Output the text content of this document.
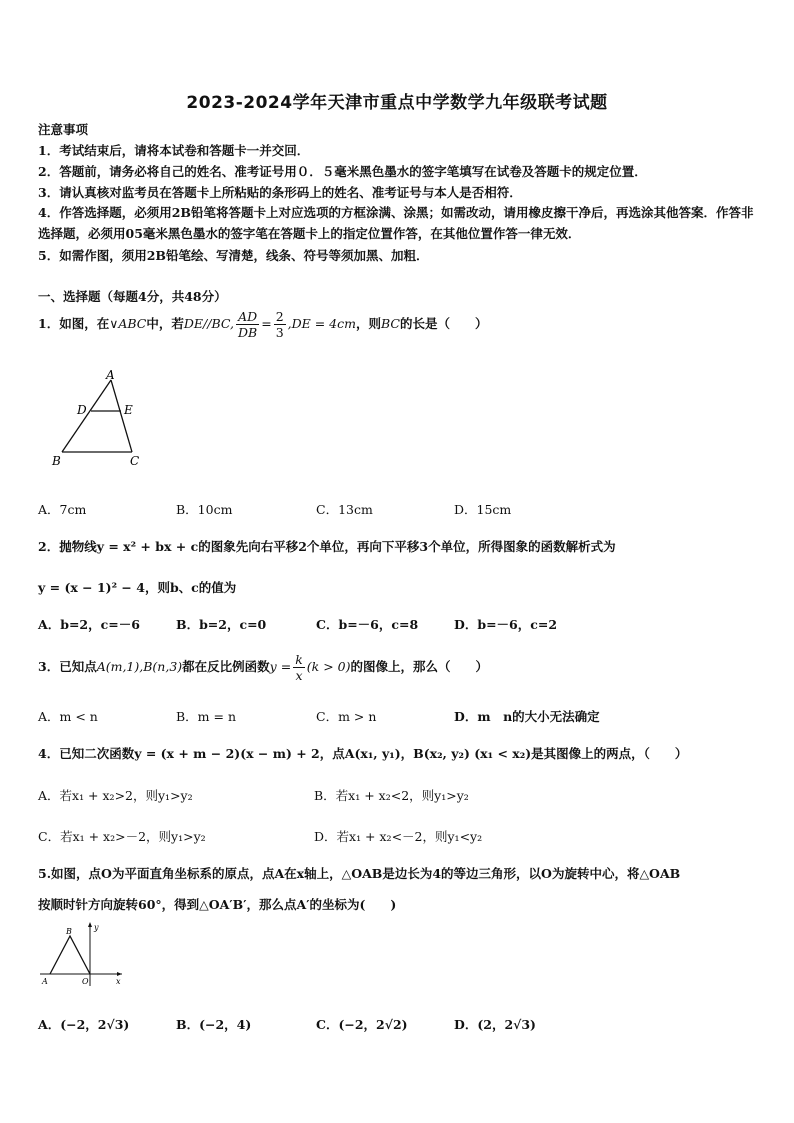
2023-2024学年天津市重点中学数学九年级联考试题
注意事项
1．考试结束后，请将本试卷和答题卡一并交回．
2．答题前，请务必将自己的姓名、准考证号用０．５毫米黑色墨水的签字笔填写在试卷及答题卡的规定位置．
3．请认真核对监考员在答题卡上所粘贴的条形码上的姓名、准考证号与本人是否相符．
4．作答选择题，必须用2B铅笔将答题卡上对应选项的方框涂满、涂黑；如需改动，请用橡皮擦干净后，再选涂其他答案．作答非选择题，必须用05毫米黑色墨水的签字笔在答题卡上的指定位置作答，在其他位置作答一律无效．
5．如需作图，须用2B铅笔绘、写清楚，线条、符号等须加黑、加粗．
一、选择题（每题4分，共48分）
1．如图，在∨ABC中，若DE//BC, $\frac{AD}{DB} = \frac{2}{3} ,DE = 4cm$，则BC的长是（　　）
A
D	E
B	C
A．7cm	B．10cm	C．13cm	D．15cm
2．抛物线y = x² + bx + c的图象先向右平移2个单位，再向下平移3个单位，所得图象的函数解析式为
y = (x − 1)² − 4，则b、c的值为
A．b=2，c=－6	B．b=2，c=0	C．b=－6，c=8	D．b=－6，c=2
3．已知点A(m,1),B(n,3)都在反比例函数$y = \frac{k}{x} (k > 0)$的图像上，那么（　　）
A．m < n	B．m = n	C．m > n	D．m　n的大小无法确定
4．已知二次函数y = (x + m − 2)(x − m) + 2，点A(x₁, y₁)，B(x₂, y₂) (x₁ < x₂)是其图像上的两点，（　　）
A．若x₁ + x₂>2，则y₁>y₂	B．若x₁ + x₂<2，则y₁>y₂
C．若x₁ + x₂>－2，则y₁>y₂	D．若x₁ + x₂<－2，则y₁<y₂
5.如图，点O为平面直角坐标系的原点，点A在x轴上，△OAB是边长为4的等边三角形，以O为旋转中心，将△OAB
按顺时针方向旋转60°，得到△OA′B′，那么点A′的坐标为(　　)
y
B
A	O	x
A．(−2，2√3)	B．(−2，4)	C．(−2，2√2)	D．(2，2√3)
